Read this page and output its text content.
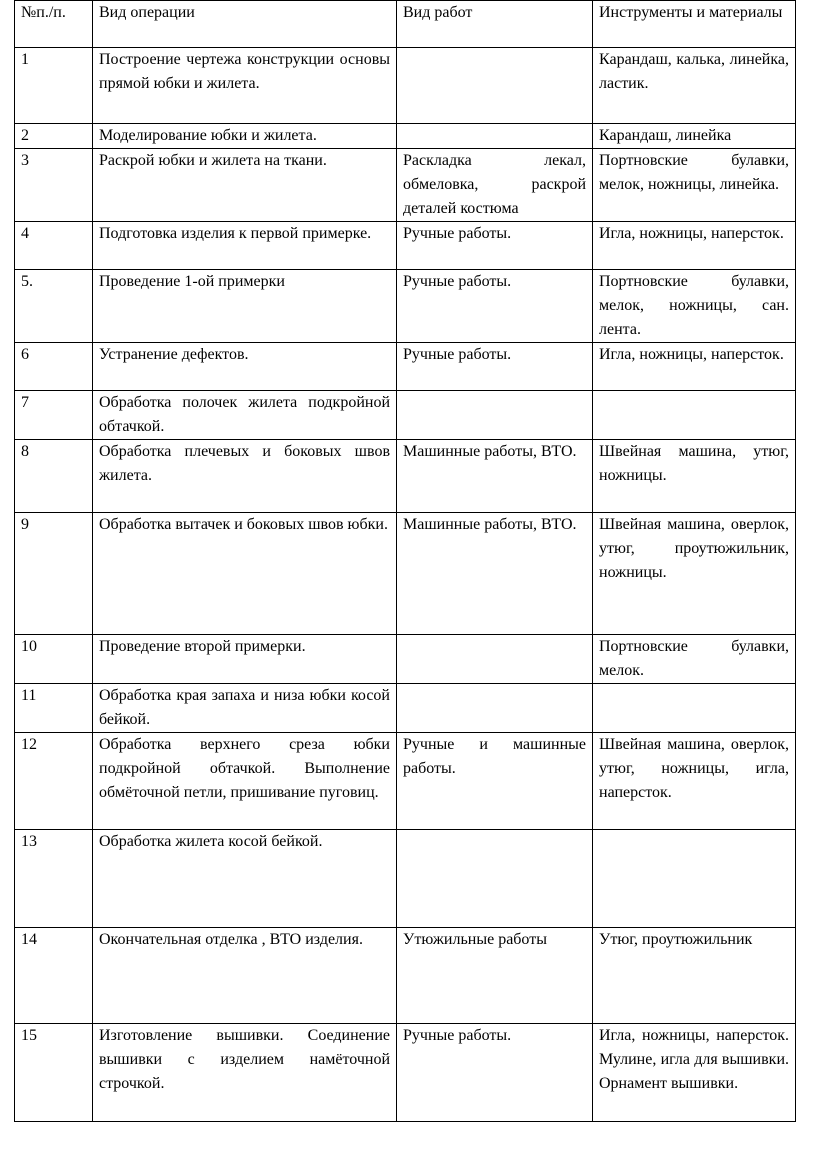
№п./п.	Вид операции	Вид работ	Инструменты и материалы
1	Построение чертежа конструкции основы прямой юбки и жилета.		Карандаш, калька, линейка, ластик.
2	Моделирование юбки и жилета.		Карандаш, линейка
3	Раскрой юбки и жилета на ткани.	Раскладка лекал, обмеловка, раскрой деталей костюма	Портновские булавки, мелок, ножницы, линейка.
4	Подготовка изделия к первой примерке.	Ручные работы.	Игла, ножницы, наперсток.
5.	Проведение 1-ой примерки	Ручные работы.	Портновские булавки, мелок, ножницы, сан. лента.
6	Устранение дефектов.	Ручные работы.	Игла, ножницы, наперсток.
7	Обработка полочек жилета подкройной обтачкой.		
8	Обработка плечевых и боковых швов жилета.	Машинные работы, ВТО.	Швейная машина, утюг, ножницы.
9	Обработка вытачек и боковых швов юбки.	Машинные работы, ВТО.	Швейная машина, оверлок, утюг, проутюжильник, ножницы.
10	Проведение второй примерки.		Портновские булавки, мелок.
11	Обработка края запаха и низа юбки косой бейкой.		
12	Обработка верхнего среза юбки подкройной обтачкой. Выполнение обмёточной петли, пришивание пуговиц.	Ручные и машинные работы.	Швейная машина, оверлок, утюг, ножницы, игла, наперсток.
13	Обработка жилета косой бейкой.		
14	Окончательная отделка , ВТО изделия.	Утюжильные работы	Утюг, проутюжильник
15	Изготовление вышивки. Соединение вышивки с изделием намёточной строчкой.	Ручные работы.	Игла, ножницы, наперсток. Мулине, игла для вышивки. Орнамент вышивки.
